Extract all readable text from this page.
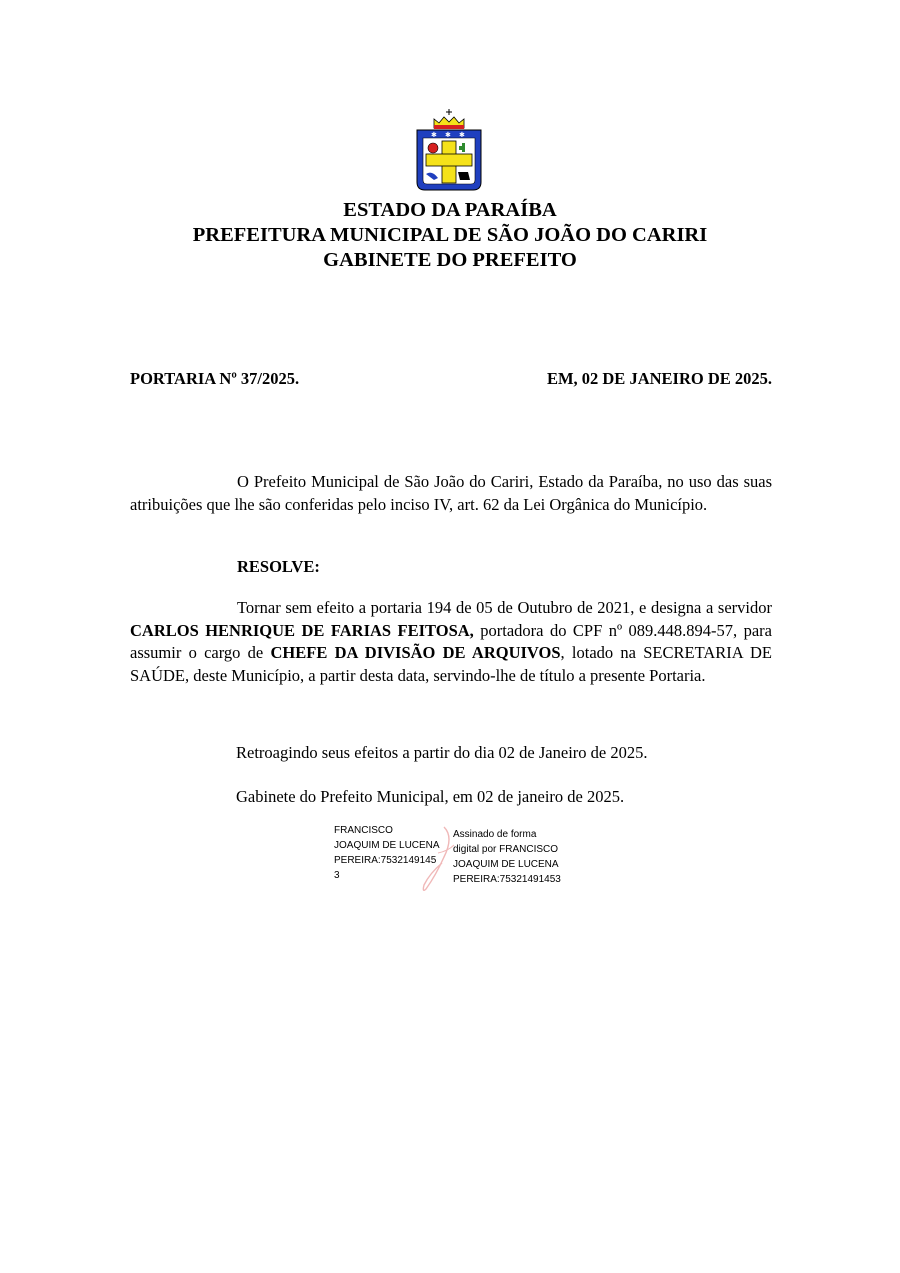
✱ ✱ ✱
ESTADO DA PARAÍBA
PREFEITURA MUNICIPAL DE SÃO JOÃO DO CARIRI
GABINETE DO PREFEITO
PORTARIA Nº 37/2025.	EM, 02 DE JANEIRO DE 2025.
O Prefeito Municipal de São João do Cariri, Estado da Paraíba, no uso das suas atribuições que lhe são conferidas pelo inciso IV, art. 62 da Lei Orgânica do Município.
RESOLVE:
Tornar sem efeito a portaria 194 de 05 de Outubro de 2021, e designa a servidor CARLOS HENRIQUE DE FARIAS FEITOSA, portadora do CPF nº 089.448.894-57, para assumir o cargo de CHEFE DA DIVISÃO DE ARQUIVOS, lotado na SECRETARIA DE SAÚDE, deste Município, a partir desta data, servindo-lhe de título a presente Portaria.
Retroagindo seus efeitos a partir do dia 02 de Janeiro de 2025.
Gabinete do Prefeito Municipal, em 02 de janeiro de 2025.
FRANCISCO
JOAQUIM DE LUCENA
PEREIRA:7532149145
3
Assinado de forma
digital por FRANCISCO
JOAQUIM DE LUCENA
PEREIRA:75321491453
